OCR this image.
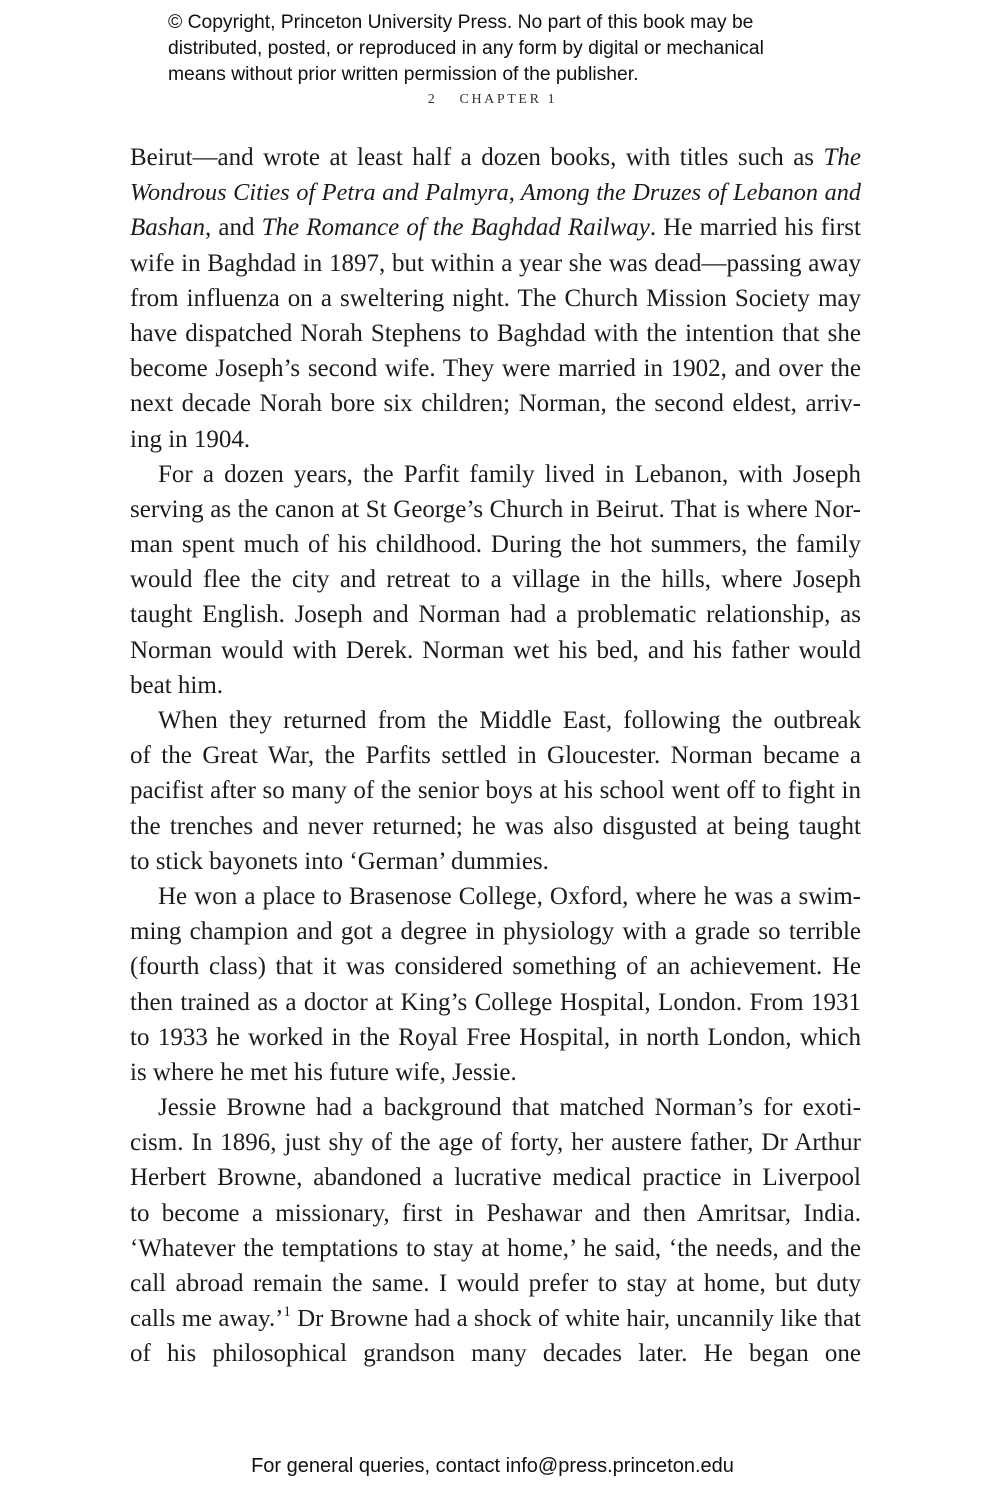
© Copyright, Princeton University Press. No part of this book may be
distributed, posted, or reproduced in any form by digital or mechanical
means without prior written permission of the publisher.
2 CHAPTER 1
Beirut—and wrote at least half a dozen books, with titles such as The
Wondrous Cities of Petra and Palmyra, Among the Druzes of Lebanon and
Bashan, and The Romance of the Baghdad Railway. He married his first
wife in Baghdad in 1897, but within a year she was dead—passing away
from influenza on a sweltering night. The Church Mission Society may
have dispatched Norah Stephens to Baghdad with the intention that she
become Joseph’s second wife. They were married in 1902, and over the
next decade Norah bore six children; Norman, the second eldest, arriv-
ing in 1904.
For a dozen years, the Parfit family lived in Lebanon, with Joseph
serving as the canon at St George’s Church in Beirut. That is where Nor-
man spent much of his childhood. During the hot summers, the family
would flee the city and retreat to a village in the hills, where Joseph
taught English. Joseph and Norman had a problematic relationship, as
Norman would with Derek. Norman wet his bed, and his father would
beat him.
When they returned from the Middle East, following the outbreak
of the Great War, the Parfits settled in Gloucester. Norman became a
pacifist after so many of the senior boys at his school went off to fight in
the trenches and never returned; he was also disgusted at being taught
to stick bayonets into ‘German’ dummies.
He won a place to Brasenose College, Oxford, where he was a swim-
ming champion and got a degree in physiology with a grade so terrible
(fourth class) that it was considered something of an achievement. He
then trained as a doctor at King’s College Hospital, London. From 1931
to 1933 he worked in the Royal Free Hospital, in north London, which
is where he met his future wife, Jessie.
Jessie Browne had a background that matched Norman’s for exoti-
cism. In 1896, just shy of the age of forty, her austere father, Dr Arthur
Herbert Browne, abandoned a lucrative medical practice in Liverpool
to become a missionary, first in Peshawar and then Amritsar, India.
‘Whatever the temptations to stay at home,’ he said, ‘the needs, and the
call abroad remain the same. I would prefer to stay at home, but duty
calls me away.’$^1$ Dr Browne had a shock of white hair, uncannily like that
of his philosophical grandson many decades later. He began one
For general queries, contact info@press.princeton.edu
